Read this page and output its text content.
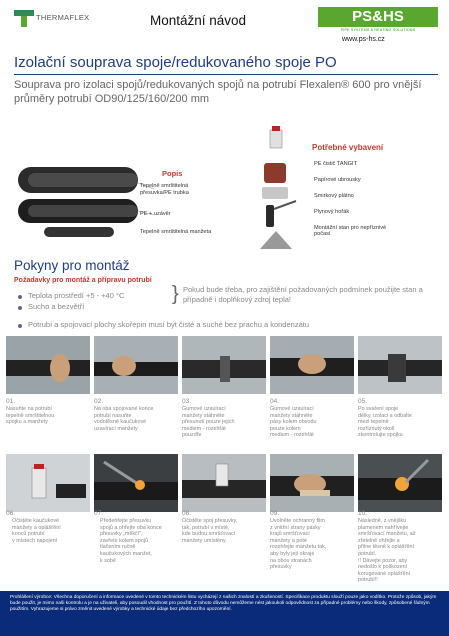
THERMAFLEX	Montážní návod	PS&HS
PIPE SYSTEMS & HEATING SOLUTIONS
www.ps-hs.cz
Izolační souprava spoje/redukovaného spoje PO
Souprava pro izolaci spojů/redukovaných spojů na potrubí Flexalen® 600 pro vnější průměry potrubí OD90/125/160/200 mm
Popis
Tepelně smrštitelná přesuvka/PE trubka
PE + uzávěr
Tepelně smrštitelná manžeta
Potřebné vybavení
PE čistič TANGIT
Papírové ubrousky
Smirkový plátno
Plynový hořák
Montážní stan pro nepříznivé počasí
Pokyny pro montáž
Požadavky pro montáž a přípravu potrubí
Teplota prostředí +5 - +40 °C
Sucho a bezvětří
Potrubí a spojovací plochy skořepin musí být čisté a suché bez prachu a kondenzátu
} Pokud bude třeba, pro zajištění požadovaných podmínek použijte stan a případně i doplňkový zdroj tepla!
01.
Nasuňte na potrubí
tepelně smrštitelnou
spojku a manžety
02.
Na oba spojované konce
potrubí nasuňte
vodotěsné kaučukové
uzavírací manžety
03.
Gumové uzavírací
manžety stáhněte
přesunutí pouze jejich
mediem - rozehřát
pouzdře
04.
Gumové uzavírací
manžety stáhněte
pásy kolem obvodu
pouze kolem
medium - rozehřát
05.
Po svaření spoje
dělky, izolaci a odbalte
mezi tepelně
rozříznutý okolí
zkontrolujte spojku
06.
Očistěte kaučukové
manžety a oplášťění
konců potrubí
v místech napojení
07.
Předehřejte přesuvku
spojů a ohřejte oba konce
přesuvky „měkčí",
zavřete kolem spojů
tlačením ručně
kaučukových manžet,
k sobě
08.
Očistěte spoj přesuvky,
tak, potrubí v místě,
kde budou smršťovací
manžety umístěny.
09.
Uvolněte ochranný film
z vnitřní strany pásky
krajů smršťovací
manžety a poté
rozehřejte manžetu tak,
aby byly její okraje
na obou stranách
přesuvky
10.
Následně, z vnějšku
plamenem nahřívejte
smršťovací manžetu, až
zřetelně ohřejte a
přilne těsně k oplášťění
potrubí.
!! Dávejte pozor, aby
nedošlo k poškození
korugované oplášťění
potrubí!!
Prohlášení výrobce: Všechna doporučení a informace uvedené v tomto technickém listu vycházejí z našich znalostí a zkušeností. Specifikace produktu slouží pouze jako vodítko. Protože způsob, jakým bude použit, je mimo naši kontrolu a je na uživateli, aby posoudil vhodnost pro použití. Z tohoto důvodu nemůžeme nést jakoukoli odpovědnost za případné problémy nebo škody, způsobené řádným použitím. Vyhrazujeme si právo změnit uvedené výrobky a technické údaje bez předchozího upozornění.
